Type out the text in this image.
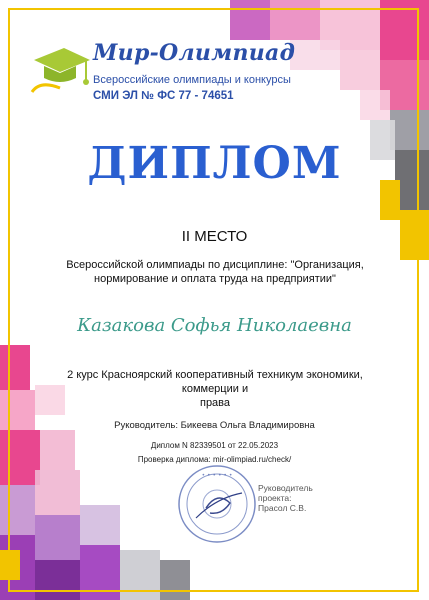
Мир-Олимпиад
Всероссийские олимпиады и конкурсы
СМИ ЭЛ № ФС 77 - 74651
ДИПЛОМ
II МЕСТО
Всероссийской олимпиады по дисциплине: "Организация,
нормирование и оплата труда на предприятии"
Казакова Софья Николаевна
2 курс Красноярский кооперативный техникум экономики, коммерции и
права
Руководитель: Бикеева Ольга Владимировна
Диплом N 82339501 от 22.05.2023
Проверка диплома: mir-olimpiad.ru/check/
• • • • • •
Руководитель
проекта:
Прасол С.В.
